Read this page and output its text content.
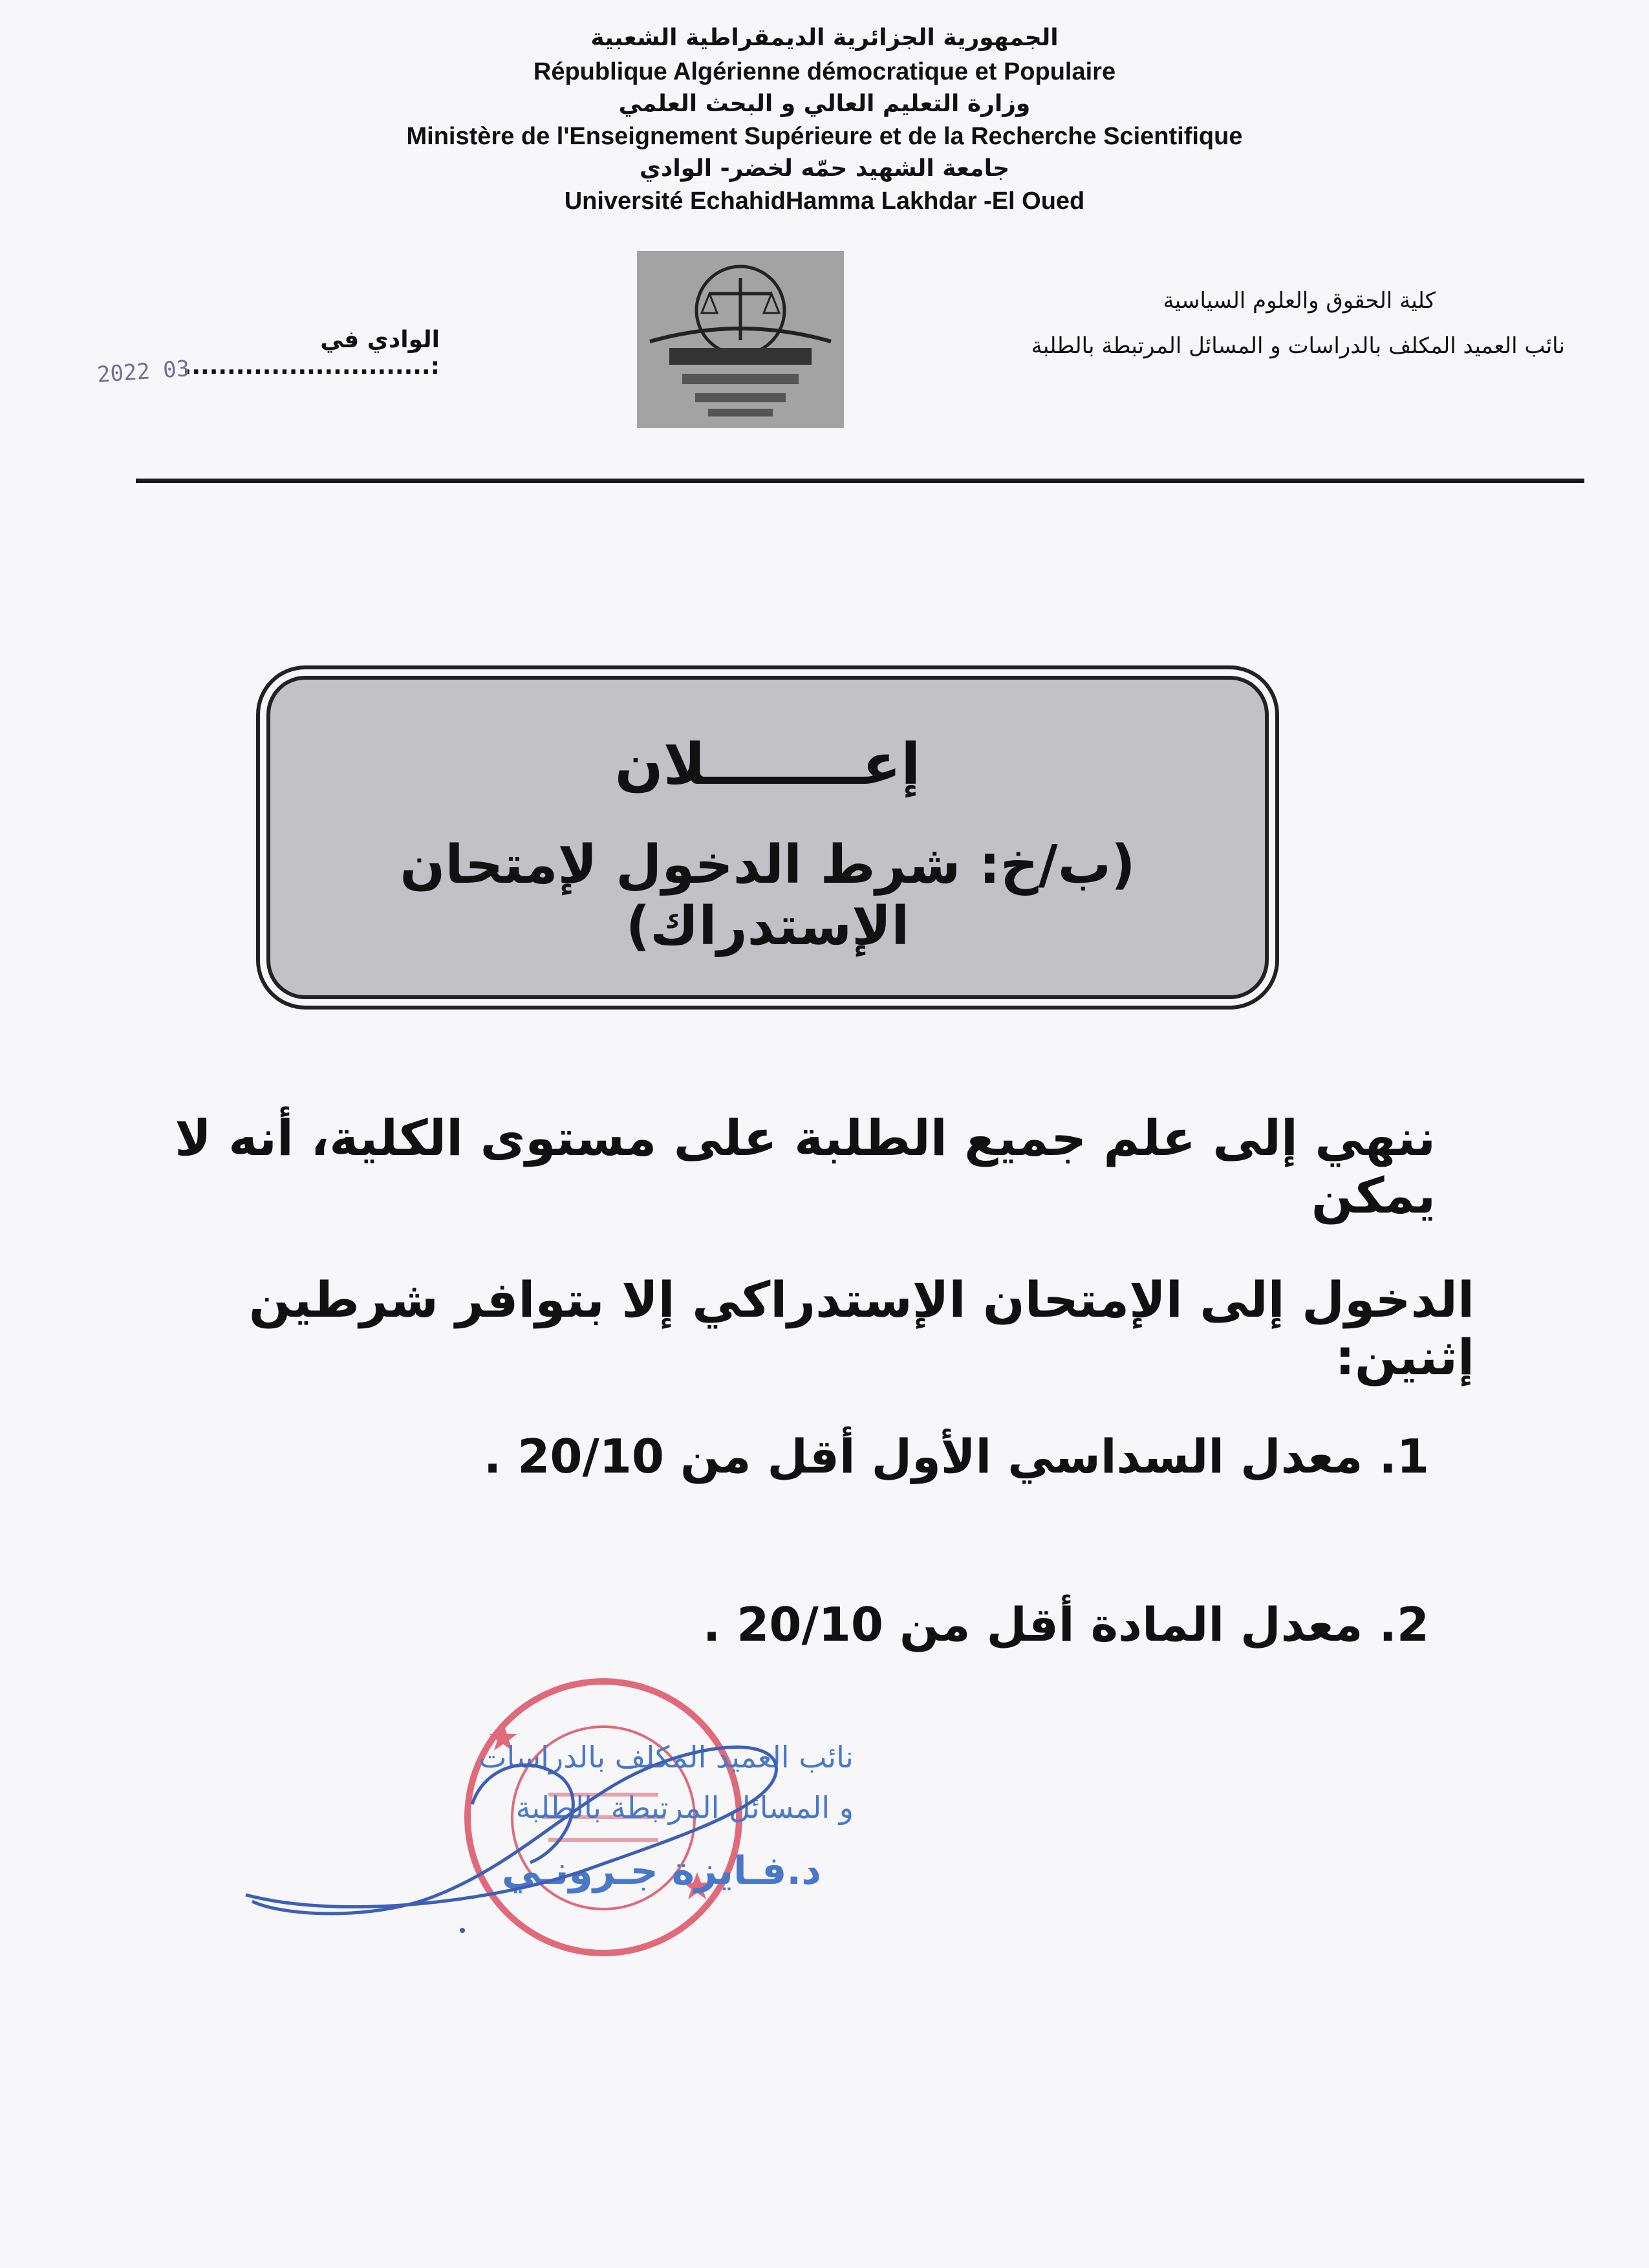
الجمهورية الجزائرية الديمقراطية الشعبية
République Algérienne démocratique et Populaire
وزارة التعليم العالي و البحث العلمي
Ministère de l'Enseignement Supérieure et de la Recherche Scientifique
جامعة الشهيد حمّه لخضر- الوادي
Université EchahidHamma Lakhdar -El Oued
كلية الحقوق والعلوم السياسية
نائب العميد المكلف بالدراسات و المسائل المرتبطة بالطلبة
الوادي في :............................
2022 03
إعــــــــلان
(ب/خ: شرط الدخول لإمتحان الإستدراك)
ننهي إلى علم جميع الطلبة على مستوى الكلية، أنه لا يمكن
الدخول إلى الإمتحان الإستدراكي إلا بتوافر شرطين إثنين:
1. معدل السداسي الأول أقل من 20/10 .
2. معدل المادة أقل من 20/10 .
نائب العميد المكلف بالدراسات
و المسائل المرتبطة بالطلبة
د.فـايزة جـرونـي
